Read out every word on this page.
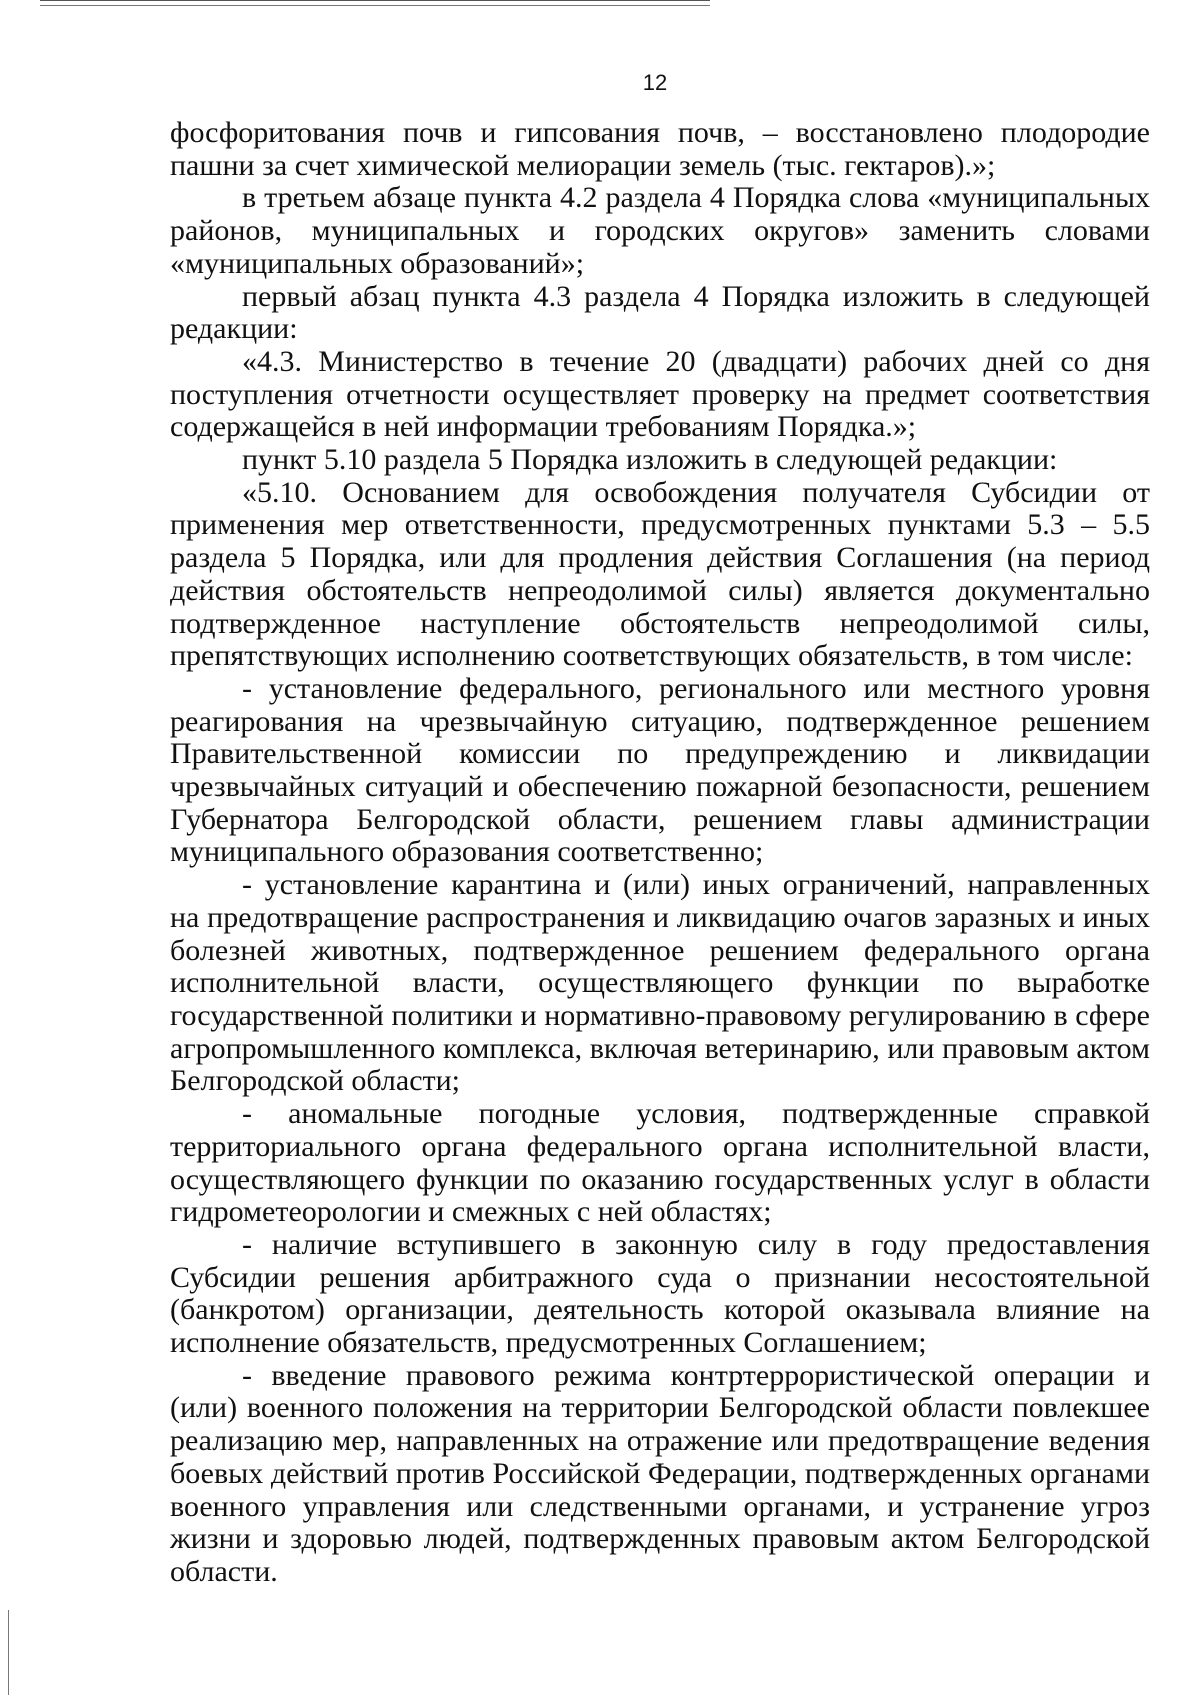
12

фосфоритования почв и гипсования почв, – восстановлено плодородие пашни за счет химической мелиорации земель (тыс. гектаров).»;

в третьем абзаце пункта 4.2 раздела 4 Порядка слова «муниципальных районов, муниципальных и городских округов» заменить словами «муниципальных образований»;

первый абзац пункта 4.3 раздела 4 Порядка изложить в следующей редакции:

«4.3. Министерство в течение 20 (двадцати) рабочих дней со дня поступления отчетности осуществляет проверку на предмет соответствия содержащейся в ней информации требованиям Порядка.»;

пункт 5.10 раздела 5 Порядка изложить в следующей редакции:

«5.10. Основанием для освобождения получателя Субсидии от применения мер ответственности, предусмотренных пунктами 5.3 – 5.5 раздела 5 Порядка, или для продления действия Соглашения (на период действия обстоятельств непреодолимой силы) является документально подтвержденное наступление обстоятельств непреодолимой силы, препятствующих исполнению соответствующих обязательств, в том числе:

- установление федерального, регионального или местного уровня реагирования на чрезвычайную ситуацию, подтвержденное решением Правительственной комиссии по предупреждению и ликвидации чрезвычайных ситуаций и обеспечению пожарной безопасности, решением Губернатора Белгородской области, решением главы администрации муниципального образования соответственно;

- установление карантина и (или) иных ограничений, направленных на предотвращение распространения и ликвидацию очагов заразных и иных болезней животных, подтвержденное решением федерального органа исполнительной власти, осуществляющего функции по выработке государственной политики и нормативно-правовому регулированию в сфере агропромышленного комплекса, включая ветеринарию, или правовым актом Белгородской области;

- аномальные погодные условия, подтвержденные справкой территориального органа федерального органа исполнительной власти, осуществляющего функции по оказанию государственных услуг в области гидрометеорологии и смежных с ней областях;

- наличие вступившего в законную силу в году предоставления Субсидии решения арбитражного суда о признании несостоятельной (банкротом) организации, деятельность которой оказывала влияние на исполнение обязательств, предусмотренных Соглашением;

- введение правового режима контртеррористической операции и (или) военного положения на территории Белгородской области повлекшее реализацию мер, направленных на отражение или предотвращение ведения боевых действий против Российской Федерации, подтвержденных органами военного управления или следственными органами, и устранение угроз жизни и здоровью людей, подтвержденных правовым актом Белгородской области.
